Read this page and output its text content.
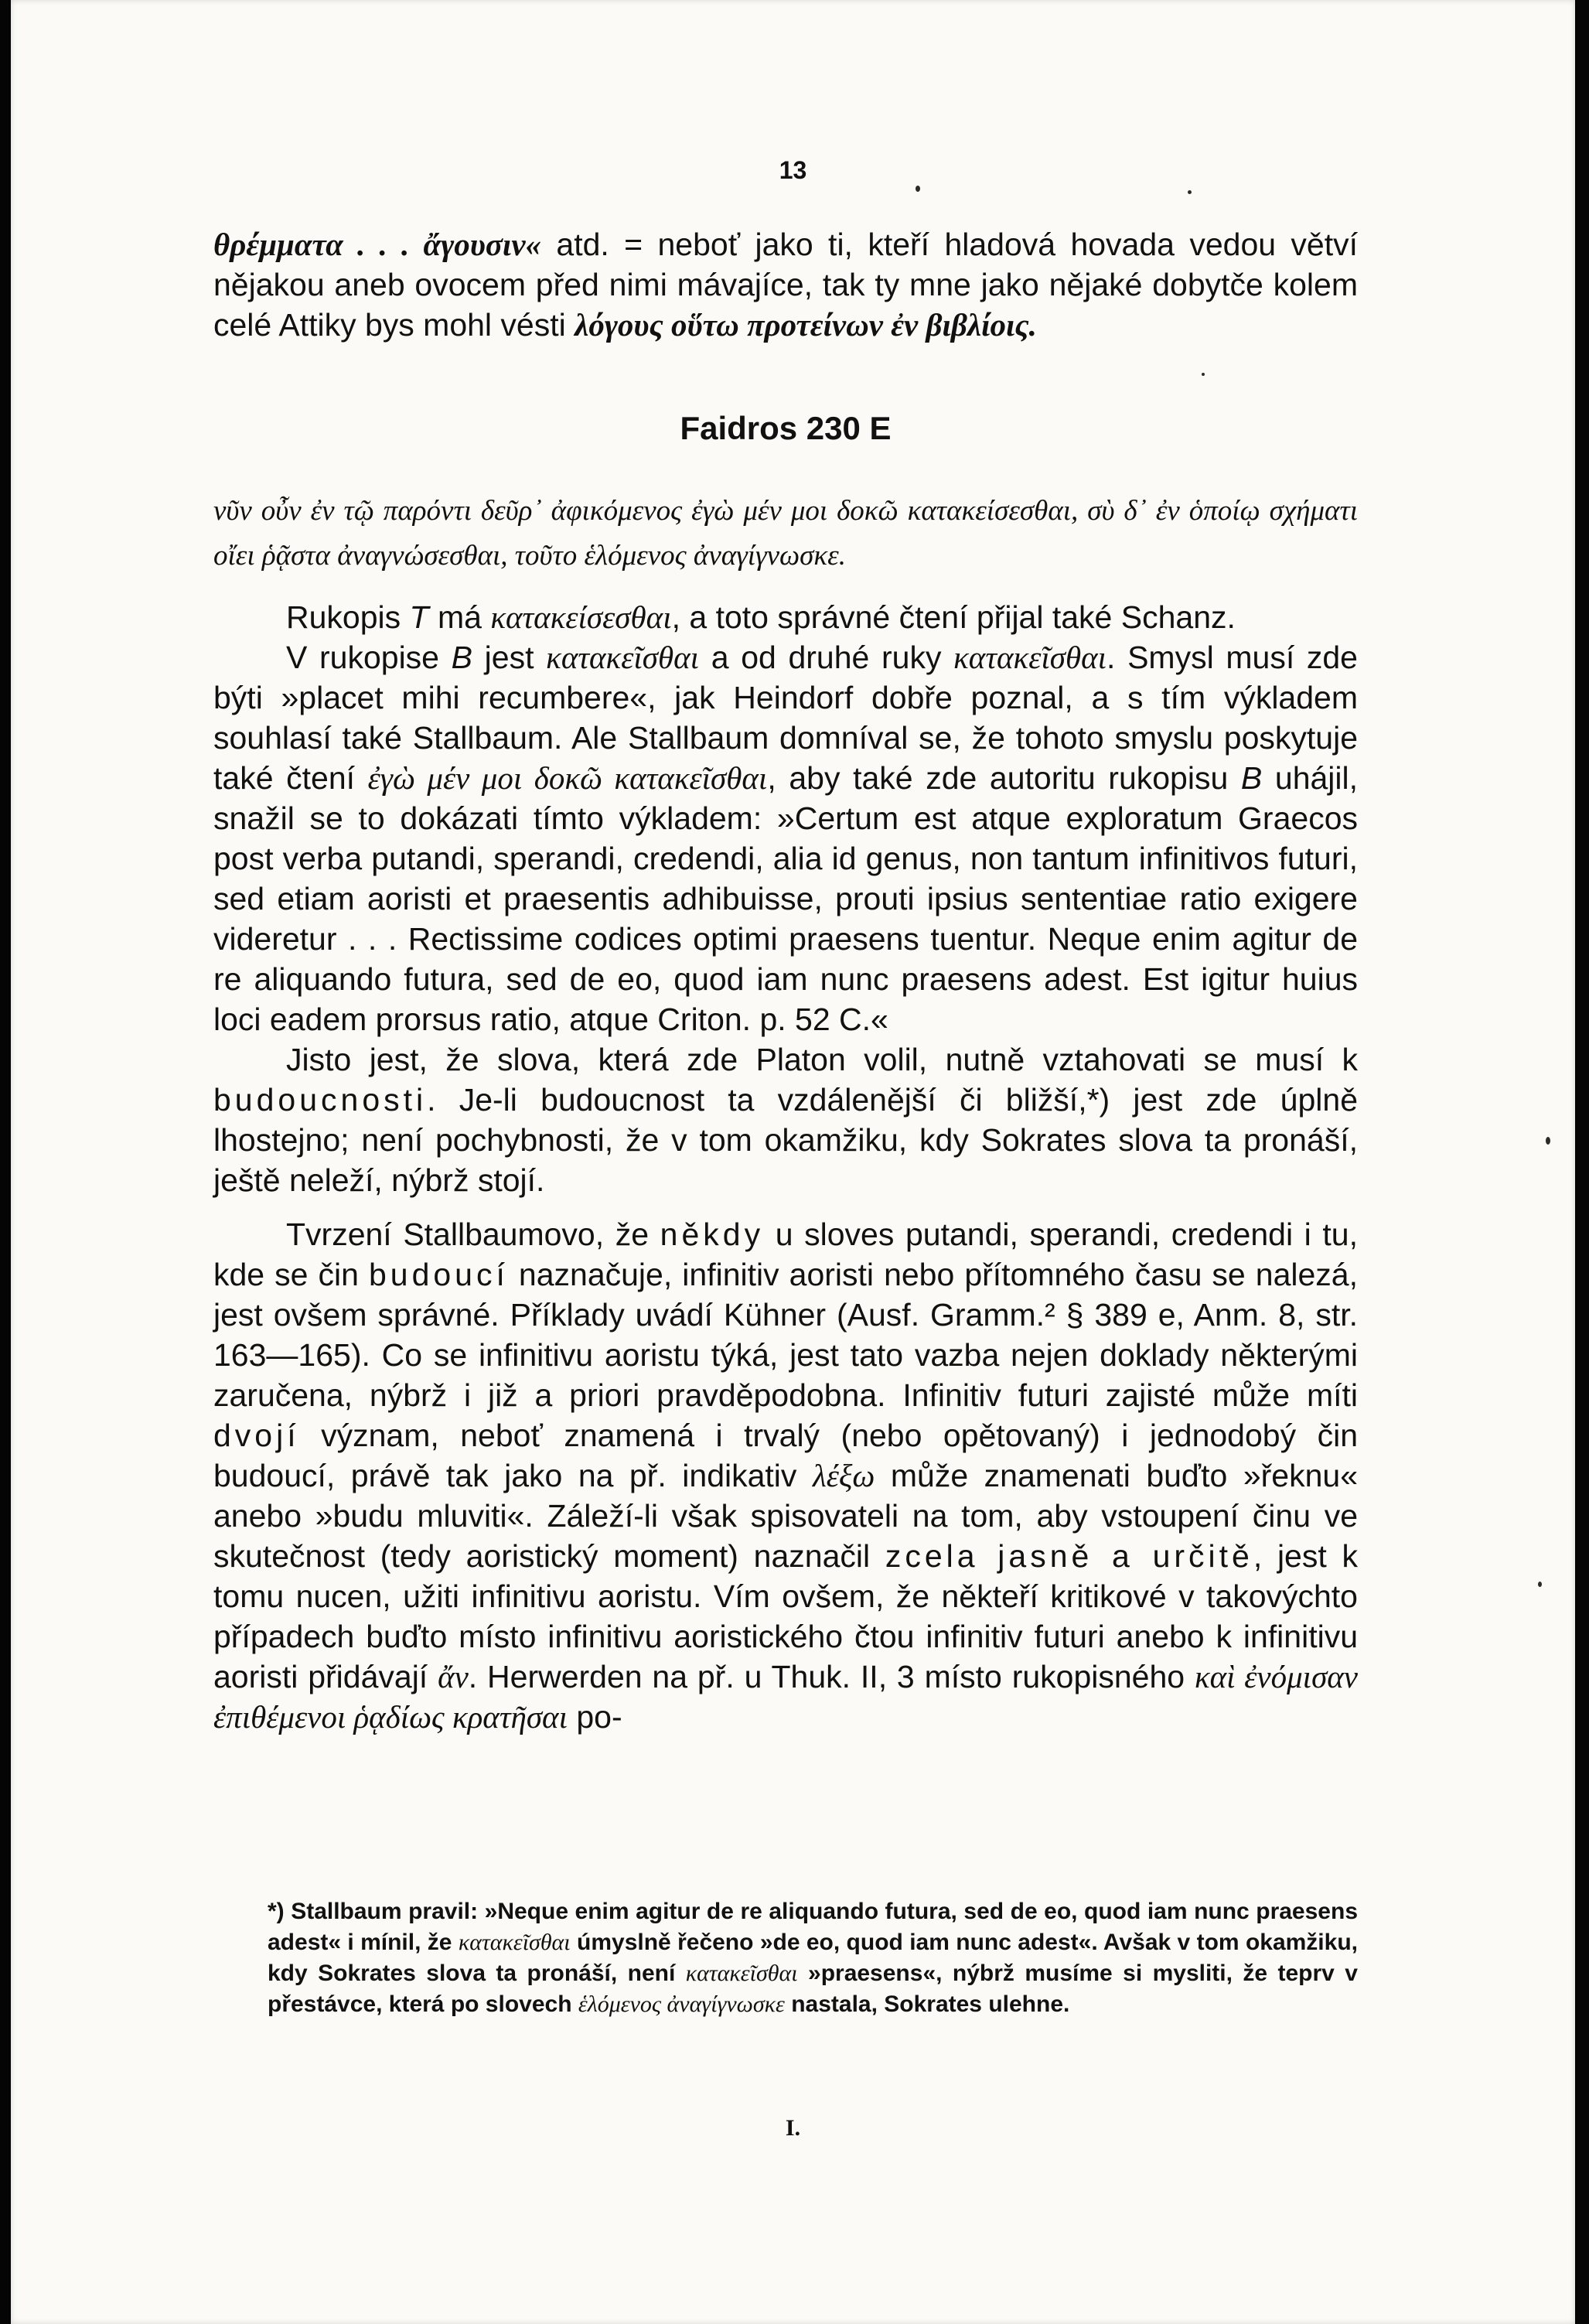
13

θρέμματα . . . ἄγουσιν« atd. = neboť jako ti, kteří hladová hovada vedou větví nějakou aneb ovocem před nimi mávajíce, tak ty mne jako nějaké dobytče kolem celé Attiky bys mohl vésti λόγους οὕτω προτείνων ἐν βιβλίοις.

Faidros 230 E
νῦν οὖν ἐν τῷ παρόντι δεῦρ᾽ ἀφικόμενος ἐγὼ μέν μοι δοκῶ κατακείσεσθαι, σὺ δ᾽ ἐν ὁποίῳ σχήματι οἴει ῥᾷστα ἀναγνώσεσθαι, τοῦτο ἑλόμενος ἀναγίγνωσκε.

Rukopis T má κατακείσεσθαι, a toto správné čtení přijal také Schanz.

V rukopise B jest κατακεῖσθαι a od druhé ruky κατακεῖσθαι. Smysl musí zde býti »placet mihi recumbere«, jak Heindorf dobře poznal, a s tím výkladem souhlasí také Stallbaum. Ale Stallbaum domníval se, že tohoto smyslu poskytuje také čtení ἐγὼ μέν μοι δοκῶ κατακεῖσθαι, aby také zde autoritu rukopisu B uhájil, snažil se to dokázati tímto výkladem: »Certum est atque exploratum Graecos post verba putandi, sperandi, credendi, alia id genus, non tantum infinitivos futuri, sed etiam aoristi et praesentis adhibuisse, prouti ipsius sententiae ratio exigere videretur . . . Rectissime codices optimi praesens tuentur. Neque enim agitur de re aliquando futura, sed de eo, quod iam nunc praesens adest. Est igitur huius loci eadem prorsus ratio, atque Criton. p. 52 C.«

Jisto jest, že slova, která zde Platon volil, nutně vztahovati se musí k budoucnosti. Je-li budoucnost ta vzdálenější či bližší,*) jest zde úplně lhostejno; není pochybnosti, že v tom okamžiku, kdy Sokrates slova ta pronáší, ještě neleží, nýbrž stojí.

Tvrzení Stallbaumovo, že někdy u sloves putandi, sperandi, credendi i tu, kde se čin budoucí naznačuje, infinitiv aoristi nebo přítomného času se nalezá, jest ovšem správné. Příklady uvádí Kühner (Ausf. Gramm.² § 389 e, Anm. 8, str. 163—165). Co se infinitivu aoristu týká, jest tato vazba nejen doklady některými zaručena, nýbrž i již a priori pravděpodobna. Infinitiv futuri zajisté může míti dvojí význam, neboť znamená i trvalý (nebo opětovaný) i jednodobý čin budoucí, právě tak jako na př. indikativ λέξω může znamenati buďto »řeknu« anebo »budu mluviti«. Záleží-li však spisovateli na tom, aby vstoupení činu ve skutečnost (tedy aoristický moment) naznačil zcela jasně a určitě, jest k tomu nucen, užiti infinitivu aoristu. Vím ovšem, že někteří kritikové v takovýchto případech buďto místo infinitivu aoristického čtou infinitiv futuri anebo k infinitivu aoristi přidávají ἄν. Herwerden na př. u Thuk. II, 3 místo rukopisného καὶ ἐνόμισαν ἐπιθέμενοι ῥᾳδίως κρατῆσαι po-

*) Stallbaum pravil: »Neque enim agitur de re aliquando futura, sed de eo, quod iam nunc praesens adest« i mínil, že κατακεῖσθαι úmyslně řečeno »de eo, quod iam nunc adest«. Avšak v tom okamžiku, kdy Sokrates slova ta pronáší, není κατακεῖσθαι »praesens«, nýbrž musíme si mysliti, že teprv v přestávce, která po slovech ἑλόμενος ἀναγίγνωσκε nastala, Sokrates ulehne.

I.
